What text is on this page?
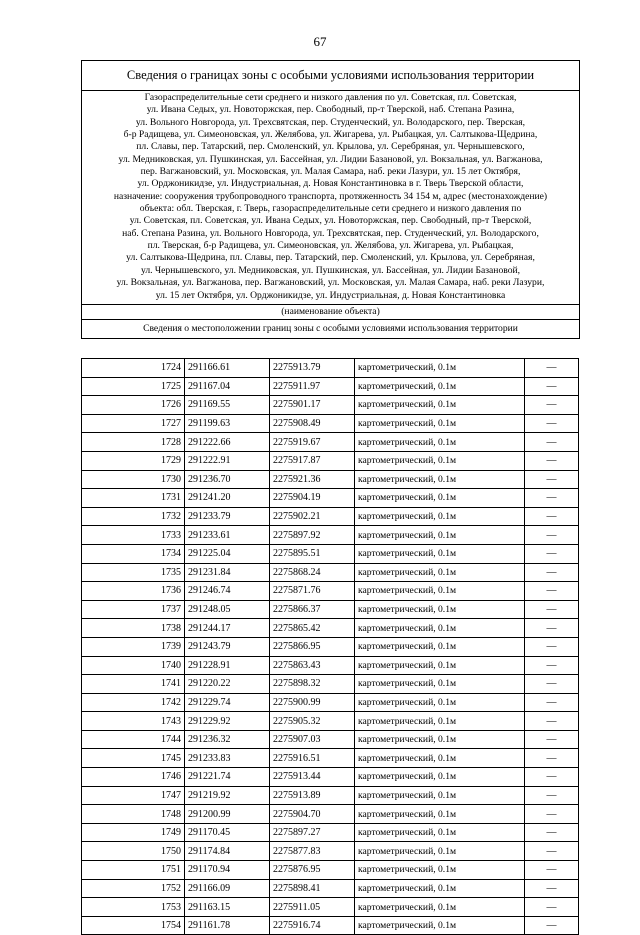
67
Сведения о границах зоны с особыми условиями использования территории
Газораспределительные сети среднего и низкого давления по ул. Советская, пл. Советская,
ул. Ивана Седых, ул. Новоторжская, пер. Свободный, пр-т Тверской, наб. Степана Разина,
ул. Вольного Новгорода, ул. Трехсвятская, пер. Студенческий, ул. Володарского, пер. Тверская,
б-р Радищева, ул. Симеоновская, ул. Желябова, ул. Жигарева, ул. Рыбацкая, ул. Салтыкова-Щедрина,
пл. Славы, пер. Татарский, пер. Смоленский, ул. Крылова, ул. Серебряная, ул. Чернышевского,
ул. Медниковская, ул. Пушкинская, ул. Бассейная, ул. Лидии Базановой, ул. Вокзальная, ул. Вагжанова,
пер. Вагжановский, ул. Московская, ул. Малая Самара, наб. реки Лазури, ул. 15 лет Октября,
ул. Орджоникидзе, ул. Индустриальная, д. Новая Константиновка в г. Тверь Тверской области,
назначение: сооружения трубопроводного транспорта, протяженность 34 154 м, адрес (местонахождение)
объекта: обл. Тверская, г. Тверь, газораспределительные сети среднего и низкого давления по
ул. Советская, пл. Советская, ул. Ивана Седых, ул. Новоторжская, пер. Свободный, пр-т Тверской,
наб. Степана Разина, ул. Вольного Новгорода, ул. Трехсвятская, пер. Студенческий, ул. Володарского,
пл. Тверская, б-р Радищева, ул. Симеоновская, ул. Желябова, ул. Жигарева, ул. Рыбацкая,
ул. Салтыкова-Щедрина, пл. Славы, пер. Татарский, пер. Смоленский, ул. Крылова, ул. Серебряная,
ул. Чернышевского, ул. Медниковская, ул. Пушкинская, ул. Бассейная, ул. Лидии Базановой,
ул. Вокзальная, ул. Вагжанова, пер. Вагжановский, ул. Московская, ул. Малая Самара, наб. реки Лазури,
ул. 15 лет Октября, ул. Орджоникидзе, ул. Индустриальная, д. Новая Константиновка
(наименование объекта)
Сведения о местоположении границ зоны с особыми условиями использования территории
1724	291166.61	2275913.79	картометрический, 0.1м	—
1725	291167.04	2275911.97	картометрический, 0.1м	—
1726	291169.55	2275901.17	картометрический, 0.1м	—
1727	291199.63	2275908.49	картометрический, 0.1м	—
1728	291222.66	2275919.67	картометрический, 0.1м	—
1729	291222.91	2275917.87	картометрический, 0.1м	—
1730	291236.70	2275921.36	картометрический, 0.1м	—
1731	291241.20	2275904.19	картометрический, 0.1м	—
1732	291233.79	2275902.21	картометрический, 0.1м	—
1733	291233.61	2275897.92	картометрический, 0.1м	—
1734	291225.04	2275895.51	картометрический, 0.1м	—
1735	291231.84	2275868.24	картометрический, 0.1м	—
1736	291246.74	2275871.76	картометрический, 0.1м	—
1737	291248.05	2275866.37	картометрический, 0.1м	—
1738	291244.17	2275865.42	картометрический, 0.1м	—
1739	291243.79	2275866.95	картометрический, 0.1м	—
1740	291228.91	2275863.43	картометрический, 0.1м	—
1741	291220.22	2275898.32	картометрический, 0.1м	—
1742	291229.74	2275900.99	картометрический, 0.1м	—
1743	291229.92	2275905.32	картометрический, 0.1м	—
1744	291236.32	2275907.03	картометрический, 0.1м	—
1745	291233.83	2275916.51	картометрический, 0.1м	—
1746	291221.74	2275913.44	картометрический, 0.1м	—
1747	291219.92	2275913.89	картометрический, 0.1м	—
1748	291200.99	2275904.70	картометрический, 0.1м	—
1749	291170.45	2275897.27	картометрический, 0.1м	—
1750	291174.84	2275877.83	картометрический, 0.1м	—
1751	291170.94	2275876.95	картометрический, 0.1м	—
1752	291166.09	2275898.41	картометрический, 0.1м	—
1753	291163.15	2275911.05	картометрический, 0.1м	—
1754	291161.78	2275916.74	картометрический, 0.1м	—
